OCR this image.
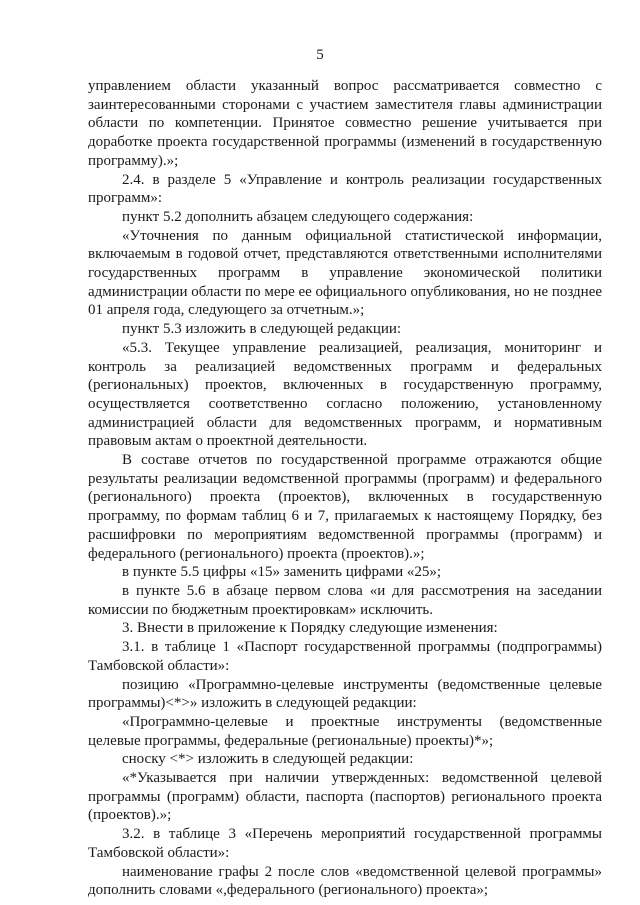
5

управлением области указанный вопрос рассматривается совместно с заинтересованными сторонами с участием заместителя главы администрации области по компетенции. Принятое совместно решение учитывается при доработке проекта государственной программы (изменений в государственную программу).»;

2.4. в разделе 5 «Управление и контроль реализации государственных программ»:

пункт 5.2 дополнить абзацем следующего содержания:

«Уточнения по данным официальной статистической информации, включаемым в годовой отчет, представляются ответственными исполнителями государственных программ в управление экономической политики администрации области по мере ее официального опубликования, но не позднее 01 апреля года, следующего за отчетным.»;

пункт 5.3 изложить в следующей редакции:

«5.3. Текущее управление реализацией, реализация, мониторинг и контроль за реализацией ведомственных программ и федеральных (региональных) проектов, включенных в государственную программу, осуществляется соответственно согласно положению, установленному администрацией области для ведомственных программ, и нормативным правовым актам о проектной деятельности.

В составе отчетов по государственной программе отражаются общие результаты реализации ведомственной программы (программ) и федерального (регионального) проекта (проектов), включенных в государственную программу, по формам таблиц 6 и 7, прилагаемых к настоящему Порядку, без расшифровки по мероприятиям ведомственной программы (программ) и федерального (регионального) проекта (проектов).»;

в пункте 5.5 цифры «15» заменить цифрами «25»;

в пункте 5.6 в абзаце первом слова «и для рассмотрения на заседании комиссии по бюджетным проектировкам» исключить.

3. Внести в приложение к Порядку следующие изменения:

3.1. в таблице 1 «Паспорт государственной программы (подпрограммы) Тамбовской области»:

позицию «Программно-целевые инструменты (ведомственные целевые программы)<*>» изложить в следующей редакции:

«Программно-целевые и проектные инструменты (ведомственные целевые программы, федеральные (региональные) проекты)*»;

сноску <*> изложить в следующей редакции:

«*Указывается при наличии утвержденных: ведомственной целевой программы (программ) области, паспорта (паспортов) регионального проекта (проектов).»;

3.2. в таблице 3 «Перечень мероприятий государственной программы Тамбовской области»:

наименование графы 2 после слов «ведомственной целевой программы» дополнить словами «,федерального (регионального) проекта»;
